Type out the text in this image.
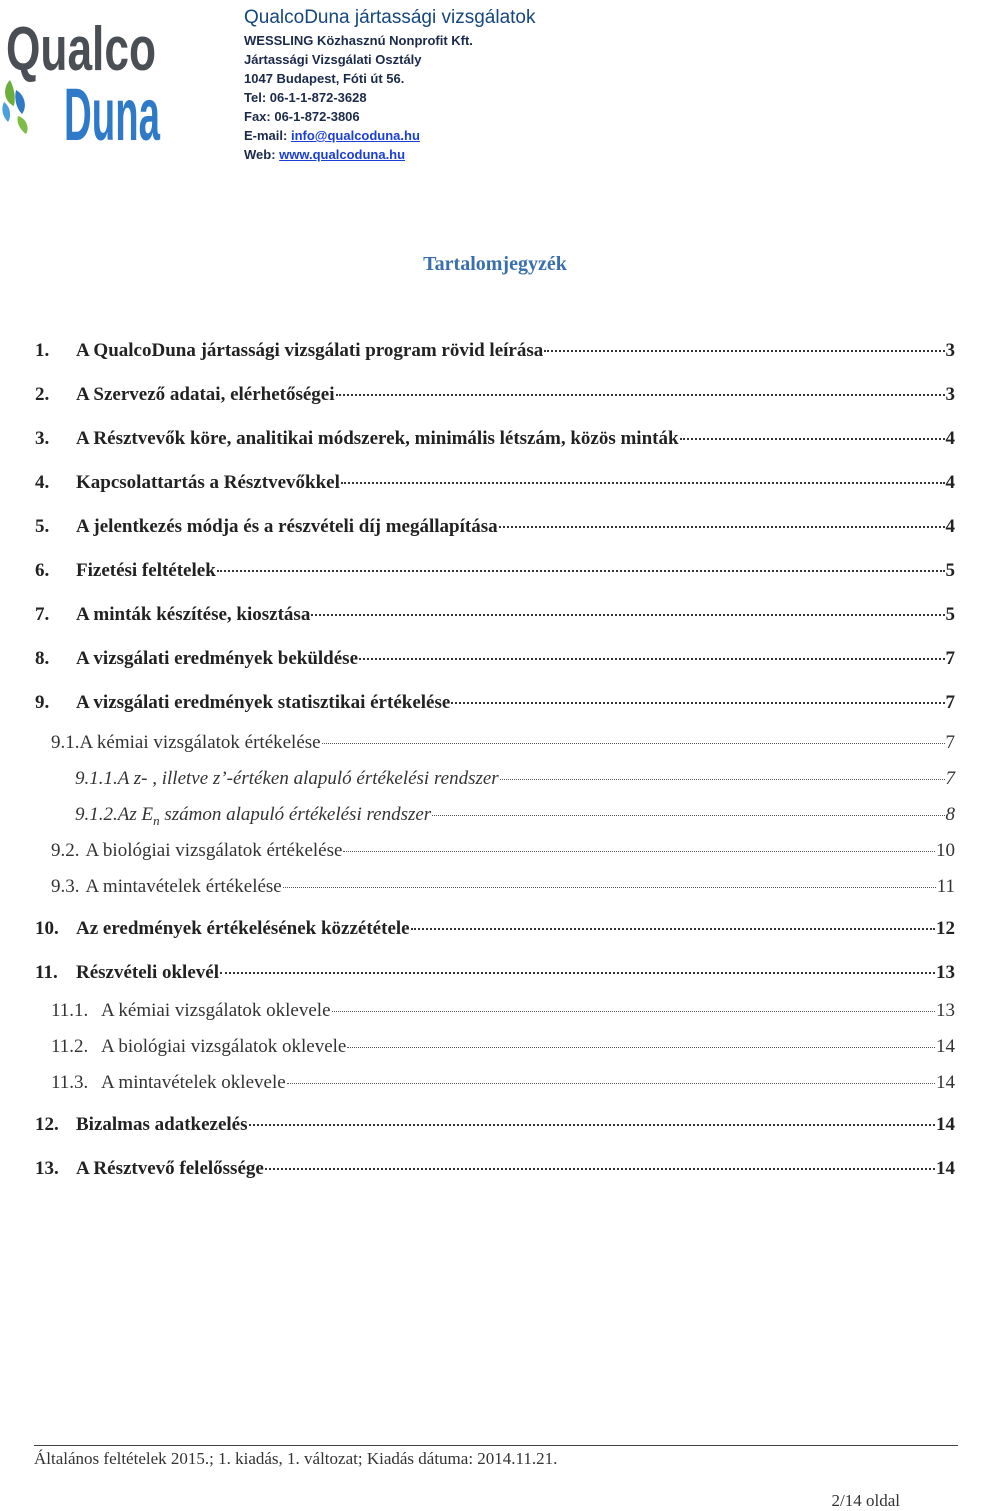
Qualco
Duna
QualcoDuna jártassági vizsgálatok
WESSLING Közhasznú Nonprofit Kft.
Jártassági Vizsgálati Osztály
1047 Budapest, Fóti út 56.
Tel: 06-1-1-872-3628
Fax: 06-1-872-3806
E-mail: info@qualcoduna.hu
Web: www.qualcoduna.hu
Tartalomjegyzék
1.	A QualcoDuna jártassági vizsgálati program rövid leírása	3
2.	A Szervező adatai, elérhetőségei	3
3.	A Résztvevők köre, analitikai módszerek, minimális létszám, közös minták	4
4.	Kapcsolattartás a Résztvevőkkel	4
5.	A jelentkezés módja és a részvételi díj megállapítása	4
6.	Fizetési feltételek	5
7.	A minták készítése, kiosztása	5
8.	A vizsgálati eredmények beküldése	7
9.	A vizsgálati eredmények statisztikai értékelése	7
9.1. A kémiai vizsgálatok értékelése	7
9.1.1. A z- , illetve z’-értéken alapuló értékelési rendszer	7
9.1.2. Az $E_n$ számon alapuló értékelési rendszer	8
9.2. A biológiai vizsgálatok értékelése	10
9.3. A mintavételek értékelése	11
10. Az eredmények értékelésének közzététele	12
11. Részvételi oklevél	13
11.1. A kémiai vizsgálatok oklevele	13
11.2. A biológiai vizsgálatok oklevele	14
11.3. A mintavételek oklevele	14
12. Bizalmas adatkezelés	14
13. A Résztvevő felelőssége	14
Általános feltételek 2015.; 1. kiadás, 1. változat; Kiadás dátuma: 2014.11.21.
2/14 oldal
